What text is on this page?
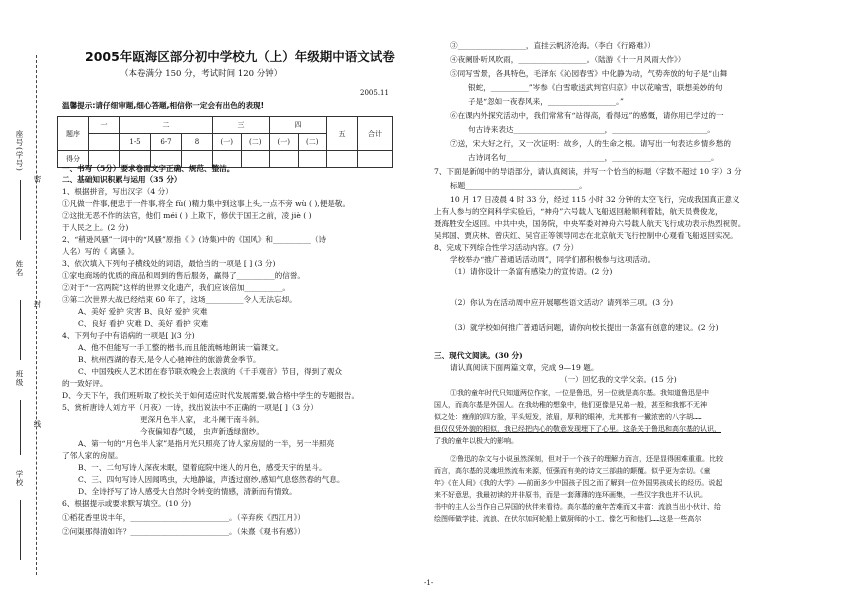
座号(学号)
姓名
班级
学校
密
封
线
2005年瓯海区部分初中学校九（上）年级期中语文试卷
（本卷满分 150 分，考试时间 120 分钟）
2005.11
温馨提示:请仔细审题,细心答题,相信你一定会有出色的表现!
题序	一	二			三		四		五	合计
		1-5	6-7	8	(一)	(二)	(一)	(二)		
得分										
一、书写（5分）要求卷面文字正确、规范、整洁。
二、基础知识积累与运用（35 分）
1、根据拼音，写出汉字（4 分）
①凡做一件事,便忠于一件事,将全 fù( )精力集中到这事上头,一点不旁 wù ( ),便是敬。
②这批无恶不作的法官，他们 méi ( ) 上欺下，修伏于国王之前，凌 jiè ( )
于人民之上。(2 分)
2、“稍逊风骚”一词中的“风骚”原指《 》(诗集)中的《国风》和__________（诗
人名）写的《 离骚 》。
3、依次填入下列句子横线处的词语，最恰当的一项是 [ ] (3 分)
①家电商场的优质的商品和周到的售后服务，赢得了__________的信誉。
②对于“一宫两院”这样的世界文化遗产，我们应该倍加__________。
③第二次世界大战已经结束 60 年了，这场__________令人无法忘却。
A、美好 爱护 灾害 B、良好 爱护 灾难
C、良好 看护 灾难 D、美好 看护 灾难
4、下列句子中有语病的一项是[ ](3 分)
A、他不但能写一手工整的楷书,而且能流畅地朗读一篇课文。
B、杭州西湖的春天,是令人心驰神往的旅游黄金季节。
C、中国残疾人艺术团在春节联欢晚会上表演的《千手观音》节目，得到了观众
的一致好评。
D、今天下午，我们班听取了校长关于如何适应时代发展需要,做合格中学生的专题报告。
5、赏析唐诗人刘方平（月夜）一诗，找出说法中不正确的一项是[ ]（3 分）
更深月色半人家， 北斗阑干南斗斜。
今夜偏知春气暖， 虫声新透绿窗纱。
A、第一句的“月色半人家”是指月光只照亮了诗人家房屋的一半，另一半照亮
了邻人家的房屋。
B、一、二句写诗人深夜未眠，望着庭院中迷人的月色，感受天宇的星斗。
C、三、四句写诗人因闻鸣虫，大地静谧，声透过窗纱,感知气息悠然春的气息。
D、全诗抒写了诗人感受大自然时令转变的情感，清新而有情致。
6、根据提示或要求默写填空。(10 分)
①稻花香里说丰年，__________________________。（辛弃疾《西江月》）
②问渠那得清如许？__________________________。（朱熹《观书有感》）
③__________________，直挂云帆济沧海。（李白《行路难》）
④夜阑卧听风吹雨，__________________。（陆游《十一月风雨大作》）
⑤同写雪景，各具特色，毛泽东《沁园春雪》中化静为动，气势奔放的句子是“山舞
银蛇，__________”岑参《白雪歌送武判官归京》中以花喻雪，联想美妙的句
子是“忽如一夜春风来，__________________。”
⑥在课内外探究活动中，我们常常有“站得高，看得远”的感慨，请你用已学过的一
句古诗来表达________________________，_________________________。
⑦送，宋大好之行，又一次证明：故乡，人的生命之根。请写出一句表达乡情乡愁的
古诗词名句__________________________，__________________________。
7、下面是新闻中的导语部分，请认真阅读，并写一个恰当的标题（字数不超过 10 字）3 分
标题______________________________。
10 月 17 日凌晨 4 时 33 分，经过 115 小时 32 分钟的太空飞行，完成我国真正意义
上有人参与的空间科学实验后，“神舟”六号载人飞船返回舱顺利着陆，航天员费俊龙，
聂海胜安全返回。中共中央，国务院，中央军委对神舟六号载人航天飞行成功表示热烈祝贺。
吴邦国、贾庆林、曾庆红、吴官正等领导同志在北京航天飞行控制中心观看飞船返回实况。
8、完成下列综合性学习活动内容。(7 分）
学校举办“推广普通话活动周”，同学们都积极参与这项活动。
（1）请你设计一条富有感染力的宣传语。(2 分)
（2）你认为在活动周中应开展哪些语文活动？请列举三项。(3 分)
（3）就学校如何推广普通话问题，请你向校长提出一条富有创意的建议。(2 分)
三、现代文阅读。(30 分)
请认真阅读下面两篇文章，完成 9—19 题。
（一）回忆我的文学父亲。(15 分)
①我的童年时代只知道两位作家，一位是鲁迅，另一位就是高尔基。我知道鲁迅是中
国人，而高尔基是外国人。在我幼稚的想象中，他们更像是兄弟一般，甚至和我都不无神
似之处：瘦削的四方脸，平头短发，浓眉，厚利的眼神，尤其都有一撇浓密的八字胡……
但仅仅凭外貌的相似，我已经把内心的敬意发现埋下了心里。这条关于鲁迅和高尔基的认识，
了我的童年以极大的影响。
②鲁迅的杂文与小说虽然深刻，但对于一个孩子的理解力而言，还是显得困难重重。比较
而言，高尔基的灵魂坦然流布来源，恒强而有美的诗文三部曲的颠覆。似乎更为亲切。《童
年》《在人间》《我的大学》——前面多少中国孩子因之而了解到一位外国男孩成长的经历。说起
来不好意思，我最初读的并非原书，而是一套薄薄的连环画集，一些汉字我也并不认识。
书中的主人公当作自己异国的伙伴来看待。高尔基的童年苦难而又丰富：流浪当出小伙计、给
绘图师做学徒、流浪、在伏尔加河轮船上做厨师的小工、像乞丐和他们……这是一些高尔
-1-
